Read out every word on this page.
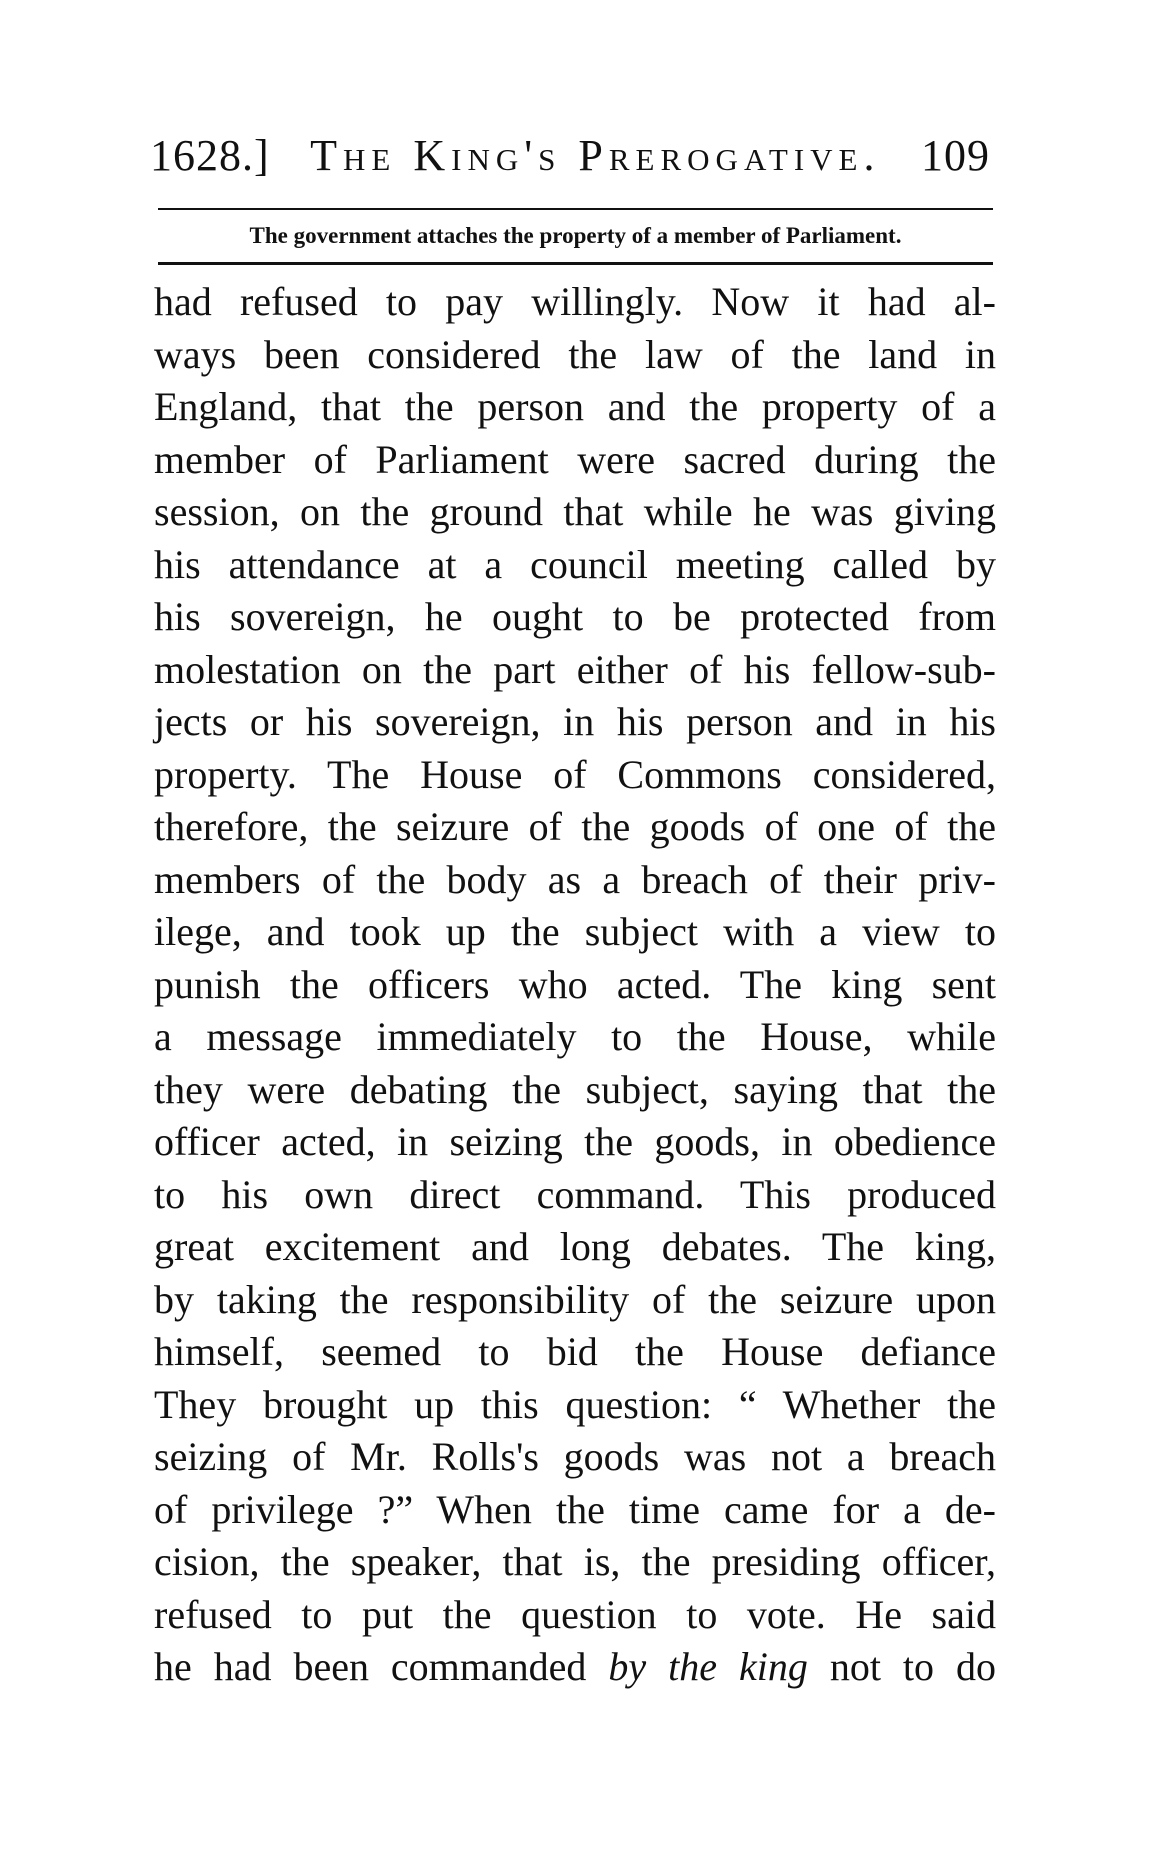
1628.] The King's Prerogative. 109
The government attaches the property of a member of Parliament.
had refused to pay willingly. Now it had al-
ways been considered the law of the land in
England, that the person and the property of a
member of Parliament were sacred during the
session, on the ground that while he was giving
his attendance at a council meeting called by
his sovereign, he ought to be protected from
molestation on the part either of his fellow-sub-
jects or his sovereign, in his person and in his
property. The House of Commons considered,
therefore, the seizure of the goods of one of the
members of the body as a breach of their priv-
ilege, and took up the subject with a view to
punish the officers who acted. The king sent
a message immediately to the House, while
they were debating the subject, saying that the
officer acted, in seizing the goods, in obedience
to his own direct command. This produced
great excitement and long debates. The king,
by taking the responsibility of the seizure upon
himself, seemed to bid the House defiance
They brought up this question: “ Whether the
seizing of Mr. Rolls's goods was not a breach
of privilege ?” When the time came for a de-
cision, the speaker, that is, the presiding officer,
refused to put the question to vote. He said
he had been commanded by the king not to do
